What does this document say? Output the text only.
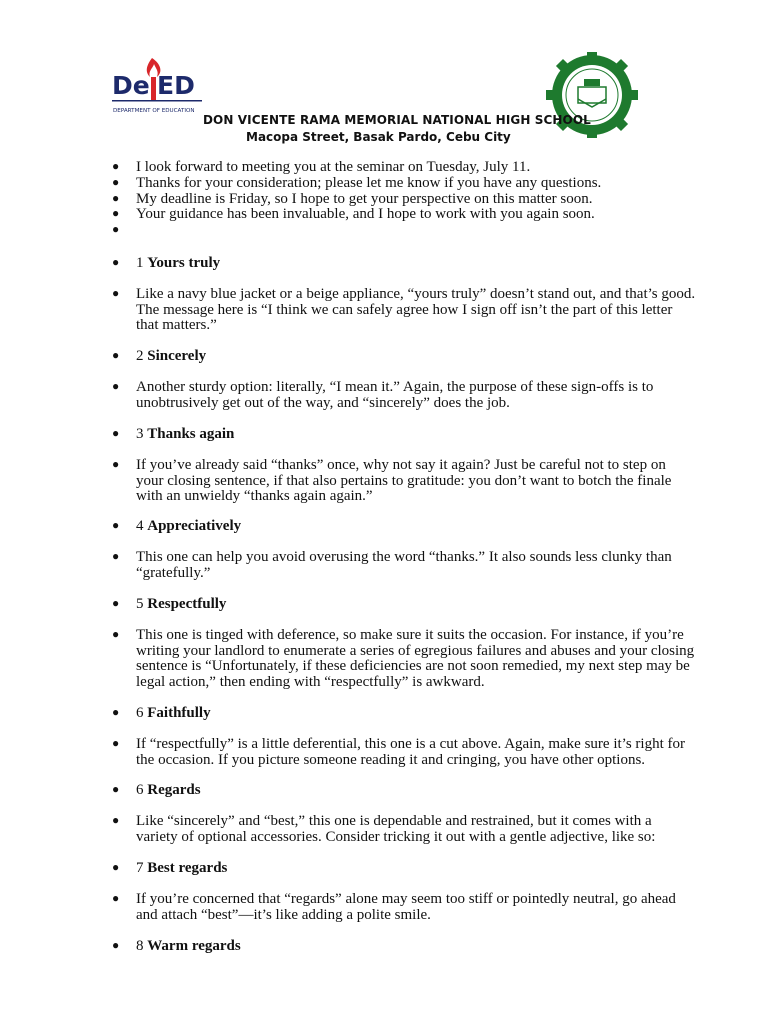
De ED
DEPARTMENT OF EDUCATION
DON VICENTE RAMA MEMORIAL NATIONAL HIGH SCHOOL
Macopa Street, Basak Pardo, Cebu City
● I look forward to meeting you at the seminar on Tuesday, July 11.
● Thanks for your consideration; please let me know if you have any questions.
● My deadline is Friday, so I hope to get your perspective on this matter soon.
● Your guidance has been invaluable, and I hope to work with you again soon.
●
● 1 Yours truly
● Like a navy blue jacket or a beige appliance, “yours truly” doesn’t stand out, and that’s good. The message here is “I think we can safely agree how I sign off isn’t the part of this letter that matters.”
● 2 Sincerely
● Another sturdy option: literally, “I mean it.” Again, the purpose of these sign-offs is to unobtrusively get out of the way, and “sincerely” does the job.
● 3 Thanks again
● If you’ve already said “thanks” once, why not say it again? Just be careful not to step on your closing sentence, if that also pertains to gratitude: you don’t want to botch the finale with an unwieldy “thanks again again.”
● 4 Appreciatively
● This one can help you avoid overusing the word “thanks.” It also sounds less clunky than “gratefully.”
● 5 Respectfully
● This one is tinged with deference, so make sure it suits the occasion. For instance, if you’re writing your landlord to enumerate a series of egregious failures and abuses and your closing sentence is “Unfortunately, if these deficiencies are not soon remedied, my next step may be legal action,” then ending with “respectfully” is awkward.
● 6 Faithfully
● If “respectfully” is a little deferential, this one is a cut above. Again, make sure it’s right for the occasion. If you picture someone reading it and cringing, you have other options.
● 6 Regards
● Like “sincerely” and “best,” this one is dependable and restrained, but it comes with a variety of optional accessories. Consider tricking it out with a gentle adjective, like so:
● 7 Best regards
● If you’re concerned that “regards” alone may seem too stiff or pointedly neutral, go ahead and attach “best”—it’s like adding a polite smile.
● 8 Warm regards
